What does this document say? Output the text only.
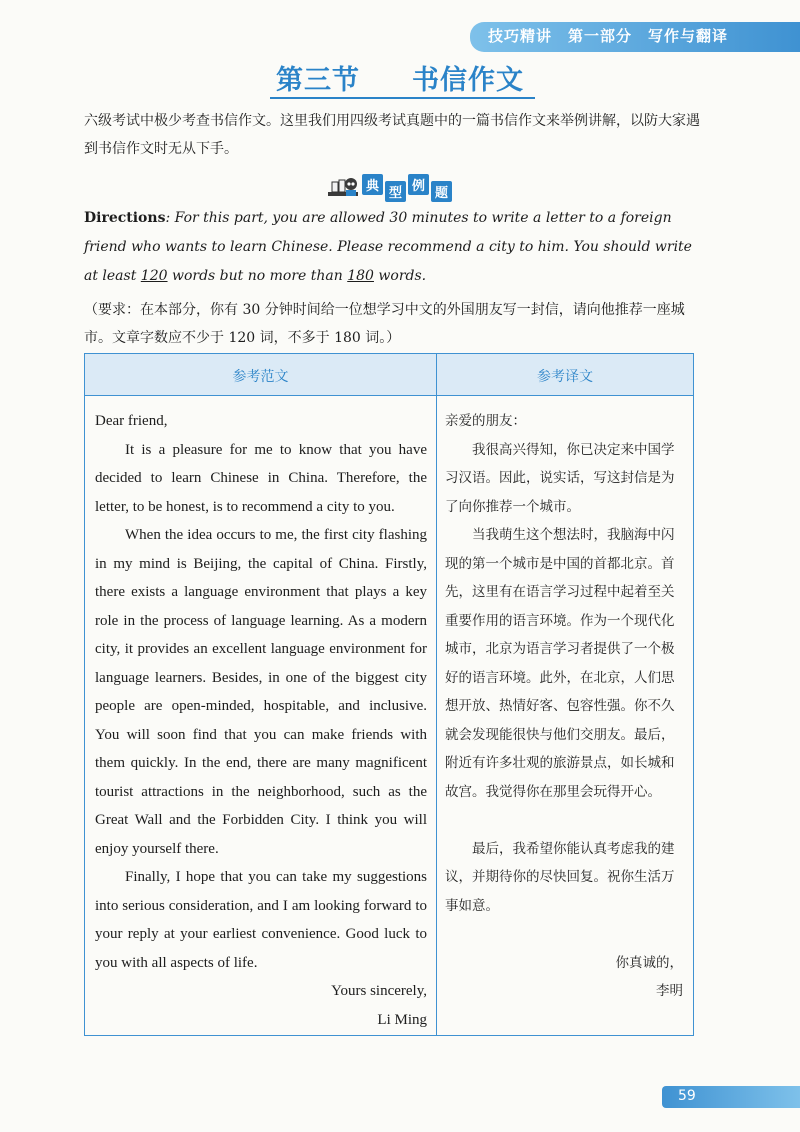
技巧精讲　第一部分　写作与翻译
第三节 书信作文
六级考试中极少考查书信作文。这里我们用四级考试真题中的一篇书信作文来举例讲解，以防大家遇到书信作文时无从下手。
典 型 例 题
Directions: For this part, you are allowed 30 minutes to write a letter to a foreign friend who wants to learn Chinese. Please recommend a city to him. You should write at least 120 words but no more than 180 words.
（要求：在本部分，你有 30 分钟时间给一位想学习中文的外国朋友写一封信，请向他推荐一座城市。文章字数应不少于 120 词，不多于 180 词。）
参考范文	参考译文

Dear friend,

It is a pleasure for me to know that you have decided to learn Chinese in China. Therefore, the letter, to be honest, is to recommend a city to you.

When the idea occurs to me, the first city flashing in my mind is Beijing, the capital of China. Firstly, there exists a language environment that plays a key role in the process of language learning. As a modern city, it provides an excellent language environment for language learners. Besides, in one of the biggest city people are open-minded, hospitable, and inclusive. You will soon find that you can make friends with them quickly. In the end, there are many magnificent tourist attractions in the neighborhood, such as the Great Wall and the Forbidden City. I think you will enjoy yourself there.

Finally, I hope that you can take my suggestions into serious consideration, and I am looking forward to your reply at your earliest convenience. Good luck to you with all aspects of life.

Yours sincerely,

Li Ming

亲爱的朋友：

我很高兴得知，你已决定来中国学习汉语。因此，说实话，写这封信是为了向你推荐一个城市。

当我萌生这个想法时，我脑海中闪现的第一个城市是中国的首都北京。首先，这里有在语言学习过程中起着至关重要作用的语言环境。作为一个现代化城市，北京为语言学习者提供了一个极好的语言环境。此外，在北京，人们思想开放、热情好客、包容性强。你不久就会发现能很快与他们交朋友。最后，附近有许多壮观的旅游景点，如长城和故宫。我觉得你在那里会玩得开心。

最后，我希望你能认真考虑我的建议，并期待你的尽快回复。祝你生活万事如意。

你真诚的，

李明

59
